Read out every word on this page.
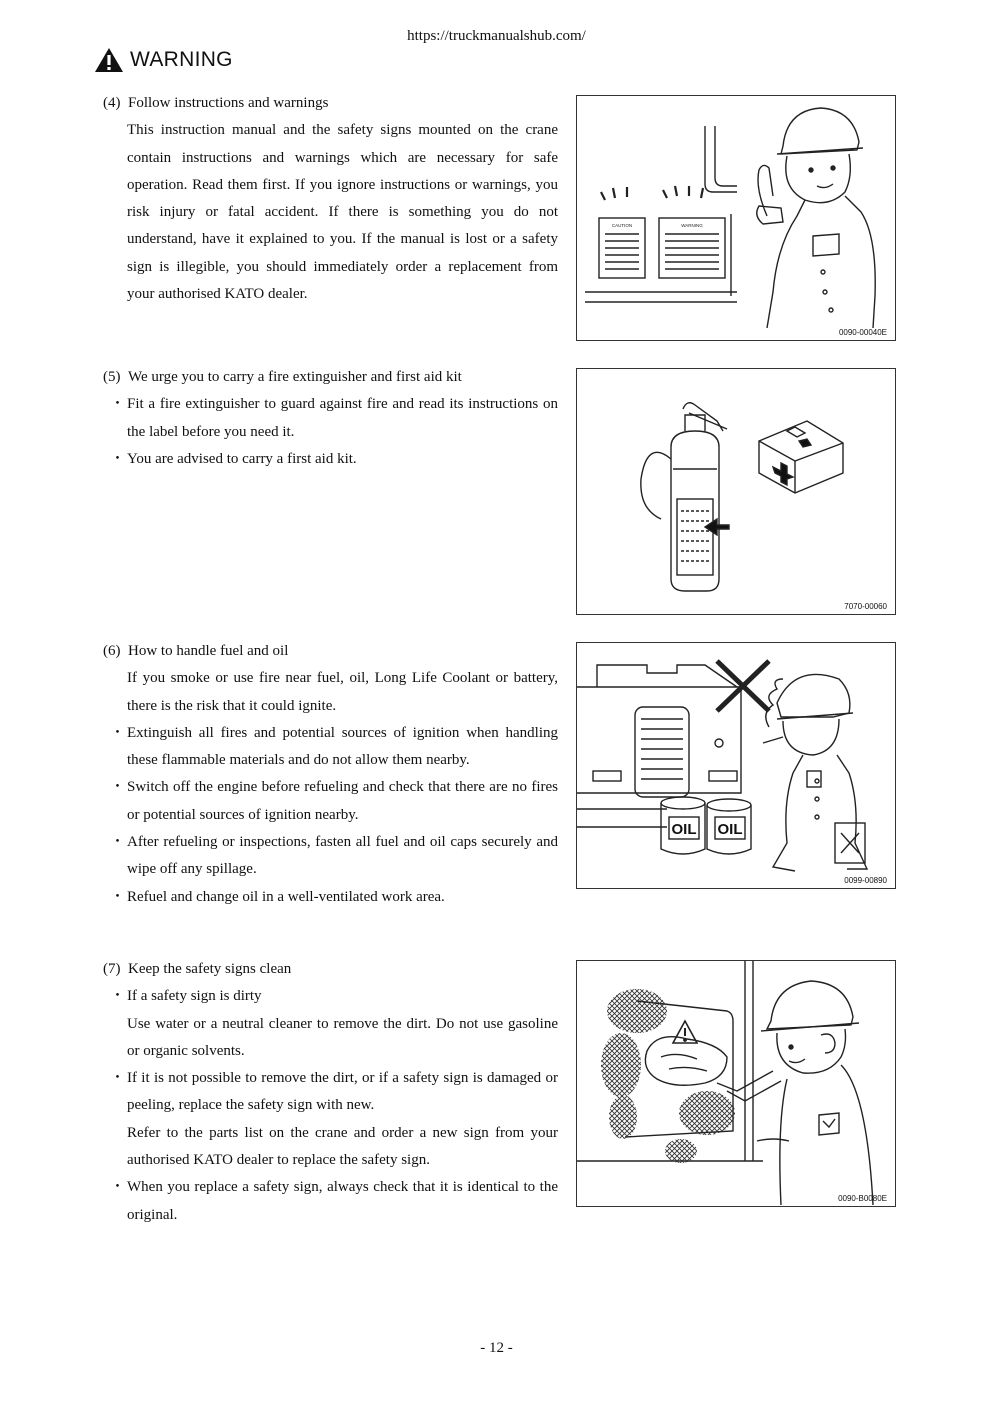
https://truckmanualshub.com/
WARNING
(4) Follow instructions and warnings
This instruction manual and the safety signs mounted on the crane contain instructions and warnings which are necessary for safe operation. Read them first. If you ignore instructions or warnings, you risk injury or fatal accident. If there is something you do not understand, have it explained to you. If the manual is lost or a safety sign is illegible, you should immediately order a replacement from your authorised KATO dealer.
CAUTION	WARNING
0090-00040E
(5) We urge you to carry a fire extinguisher and first aid kit
・ Fit a fire extinguisher to guard against fire and read its instructions on the label before you need it.
・ You are advised to carry a first aid kit.
7070-00060
(6) How to handle fuel and oil
If you smoke or use fire near fuel, oil, Long Life Coolant or battery, there is the risk that it could ignite.
・ Extinguish all fires and potential sources of ignition when handling these flammable materials and do not allow them nearby.
・ Switch off the engine before refueling and check that there are no fires or potential sources of ignition nearby.
・ After refueling or inspections, fasten all fuel and oil caps securely and wipe off any spillage.
・ Refuel and change oil in a well-ventilated work area.
OIL OIL
0099-00890
(7) Keep the safety signs clean
・ If a safety sign is dirty
Use water or a neutral cleaner to remove the dirt. Do not use gasoline or organic solvents.
・ If it is not possible to remove the dirt, or if a safety sign is damaged or peeling, replace the safety sign with new.
Refer to the parts list on the crane and order a new sign from your authorised KATO dealer to replace the safety sign.
・ When you replace a safety sign, always check that it is identical to the original.
0090-B0080E
- 12 -
